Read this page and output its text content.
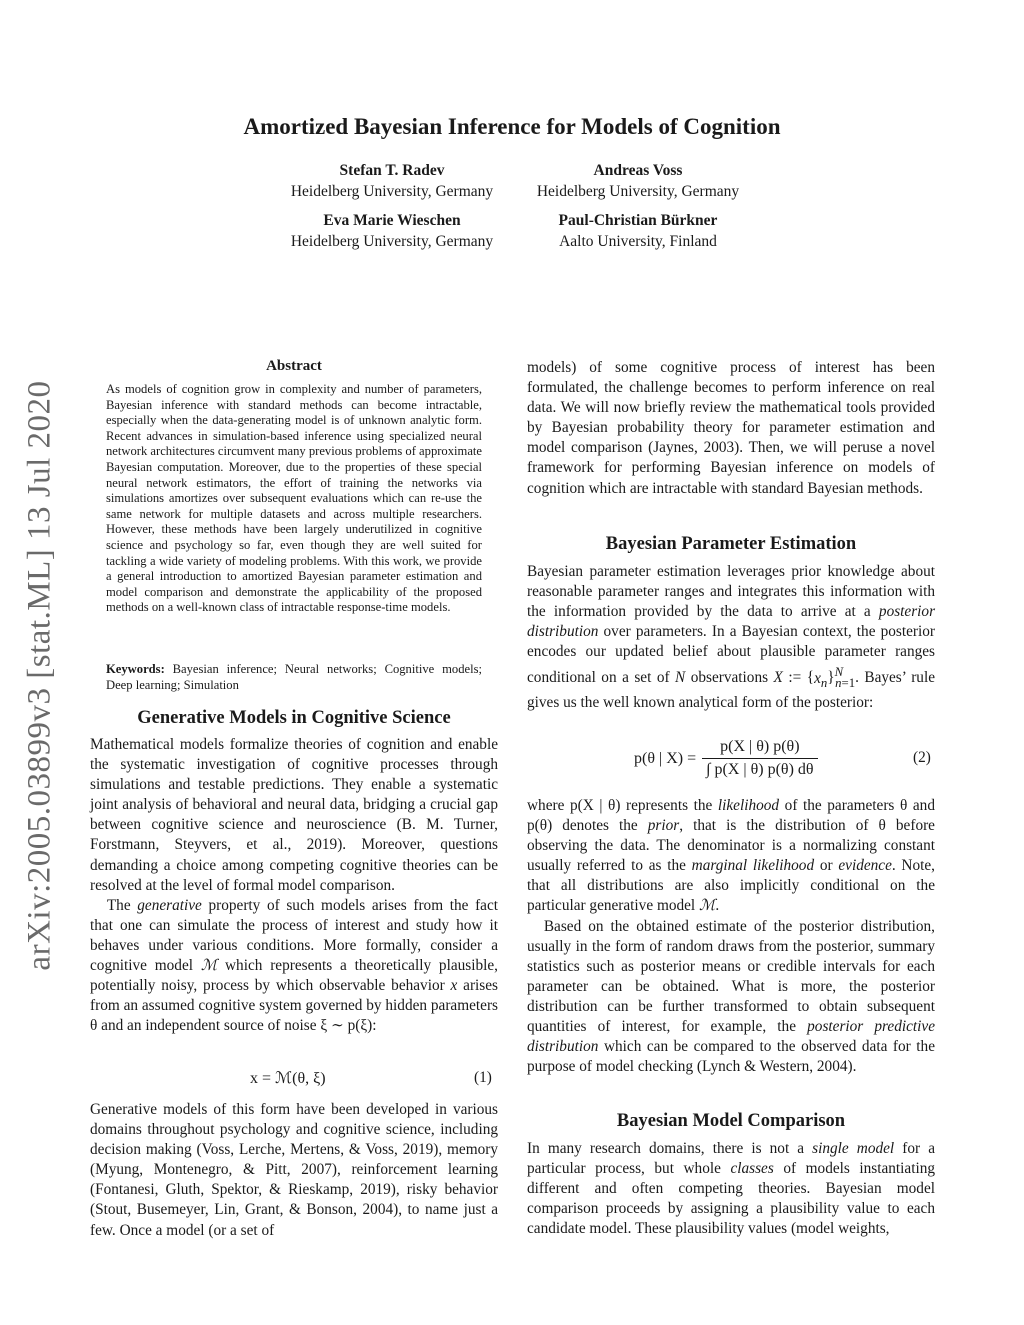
arXiv:2005.03899v3 [stat.ML] 13 Jul 2020
Amortized Bayesian Inference for Models of Cognition
Stefan T. Radev
Heidelberg University, Germany
Andreas Voss
Heidelberg University, Germany
Eva Marie Wieschen
Heidelberg University, Germany
Paul-Christian Bürkner
Aalto University, Finland
Abstract
As models of cognition grow in complexity and number of parameters, Bayesian inference with standard methods can become intractable, especially when the data-generating model is of unknown analytic form. Recent advances in simulation-based inference using specialized neural network architectures circumvent many previous problems of approximate Bayesian computation. Moreover, due to the properties of these special neural network estimators, the effort of training the networks via simulations amortizes over subsequent evaluations which can re-use the same network for multiple datasets and across multiple researchers. However, these methods have been largely underutilized in cognitive science and psychology so far, even though they are well suited for tackling a wide variety of modeling problems. With this work, we provide a general introduction to amortized Bayesian parameter estimation and model comparison and demonstrate the applicability of the proposed methods on a well-known class of intractable response-time models.
Keywords: Bayesian inference; Neural networks; Cognitive models; Deep learning; Simulation
Generative Models in Cognitive Science

Mathematical models formalize theories of cognition and enable the systematic investigation of cognitive processes through simulations and testable predictions. They enable a systematic joint analysis of behavioral and neural data, bridging a crucial gap between cognitive science and neuroscience (B. M. Turner, Forstmann, Steyvers, et al., 2019). Moreover, questions demanding a choice among competing cognitive theories can be resolved at the level of formal model comparison.

The generative property of such models arises from the fact that one can simulate the process of interest and study how it behaves under various conditions. More formally, consider a cognitive model ℳ which represents a theoretically plausible, potentially noisy, process by which observable behavior x arises from an assumed cognitive system governed by hidden parameters θ and an independent source of noise ξ ∼ p(ξ):

x = ℳ(θ, ξ)	(1)
Generative models of this form have been developed in various domains throughout psychology and cognitive science, including decision making (Voss, Lerche, Mertens, & Voss, 2019), memory (Myung, Montenegro, & Pitt, 2007), reinforcement learning (Fontanesi, Gluth, Spektor, & Rieskamp, 2019), risky behavior (Stout, Busemeyer, Lin, Grant, & Bonson, 2004), to name just a few. Once a model (or a set of
models) of some cognitive process of interest has been formulated, the challenge becomes to perform inference on real data. We will now briefly review the mathematical tools provided by Bayesian probability theory for parameter estimation and model comparison (Jaynes, 2003). Then, we will peruse a novel framework for performing Bayesian inference on models of cognition which are intractable with standard Bayesian methods.
Bayesian Parameter Estimation
Bayesian parameter estimation leverages prior knowledge about reasonable parameter ranges and integrates this information with the information provided by the data to arrive at a posterior distribution over parameters. In a Bayesian context, the posterior encodes our updated belief about plausible parameter ranges conditional on a set of N observations X := $\{x_n\}^N_{n=1}$. Bayes’ rule gives us the well known analytical form of the posterior:
p(θ | $X) = \frac{p(X | \theta) p(\theta)}{\int p(X | \theta) p(\theta) d\theta}$	(2)

where p(X | θ) represents the likelihood of the parameters θ and p(θ) denotes the prior, that is the distribution of θ before observing the data. The denominator is a normalizing constant usually referred to as the marginal likelihood or evidence. Note, that all distributions are also implicitly conditional on the particular generative model ℳ.

Based on the obtained estimate of the posterior distribution, usually in the form of random draws from the posterior, summary statistics such as posterior means or credible intervals for each parameter can be obtained. What is more, the posterior distribution can be further transformed to obtain subsequent quantities of interest, for example, the posterior predictive distribution which can be compared to the observed data for the purpose of model checking (Lynch & Western, 2004).

Bayesian Model Comparison
In many research domains, there is not a single model for a particular process, but whole classes of models instantiating different and often competing theories. Bayesian model comparison proceeds by assigning a plausibility value to each candidate model. These plausibility values (model weights,
